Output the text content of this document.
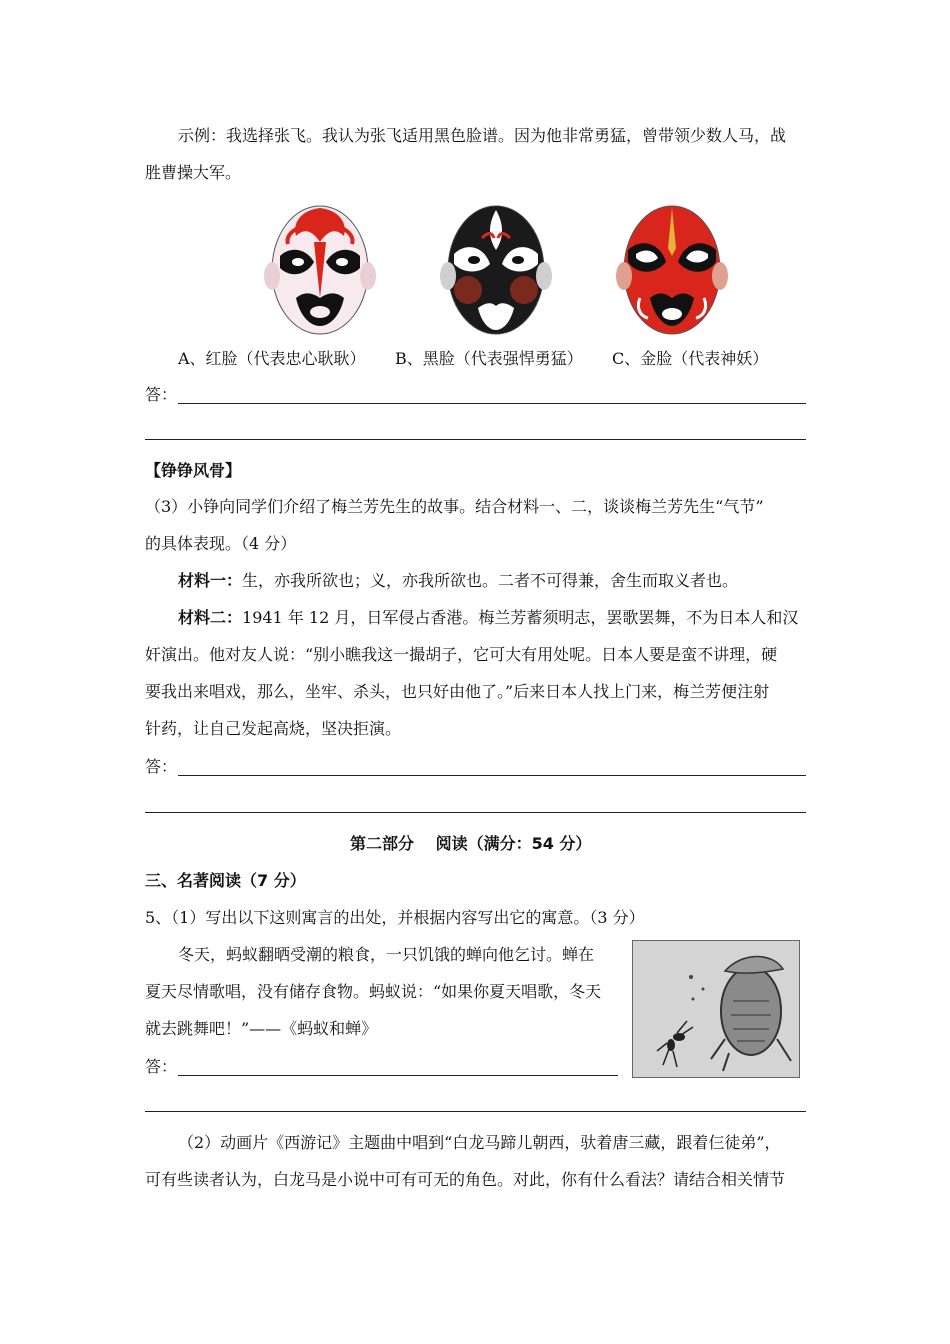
示例：我选择张飞。我认为张飞适用黑色脸谱。因为他非常勇猛，曾带领少数人马，战
胜曹操大军。
A、红脸（代表忠心耿耿） B、黑脸（代表强悍勇猛） C、金脸（代表神妖）
答：
【铮铮风骨】
（3）小铮向同学们介绍了梅兰芳先生的故事。结合材料一、二，谈谈梅兰芳先生“气节”
的具体表现。（4 分）
材料一：生，亦我所欲也；义，亦我所欲也。二者不可得兼，舍生而取义者也。
材料二：1941 年 12 月，日军侵占香港。梅兰芳蓄须明志，罢歌罢舞，不为日本人和汉
奸演出。他对友人说：“别小瞧我这一撮胡子，它可大有用处呢。日本人要是蛮不讲理，硬
要我出来唱戏，那么，坐牢、杀头，也只好由他了。”后来日本人找上门来，梅兰芳便注射
针药，让自己发起高烧，坚决拒演。
答：
第二部分　 阅读（满分：54 分）
三、名著阅读（7 分）
5、（1）写出以下这则寓言的出处，并根据内容写出它的寓意。（3 分）
冬天，蚂蚁翻晒受潮的粮食，一只饥饿的蝉向他乞讨。蝉在
夏天尽情歌唱，没有储存食物。蚂蚁说：“如果你夏天唱歌，冬天
就去跳舞吧！”——《蚂蚁和蝉》
答：
（2）动画片《西游记》主题曲中唱到“白龙马蹄儿朝西，驮着唐三藏，跟着仨徒弟”，
可有些读者认为，白龙马是小说中可有可无的角色。对此，你有什么看法？请结合相关情节
